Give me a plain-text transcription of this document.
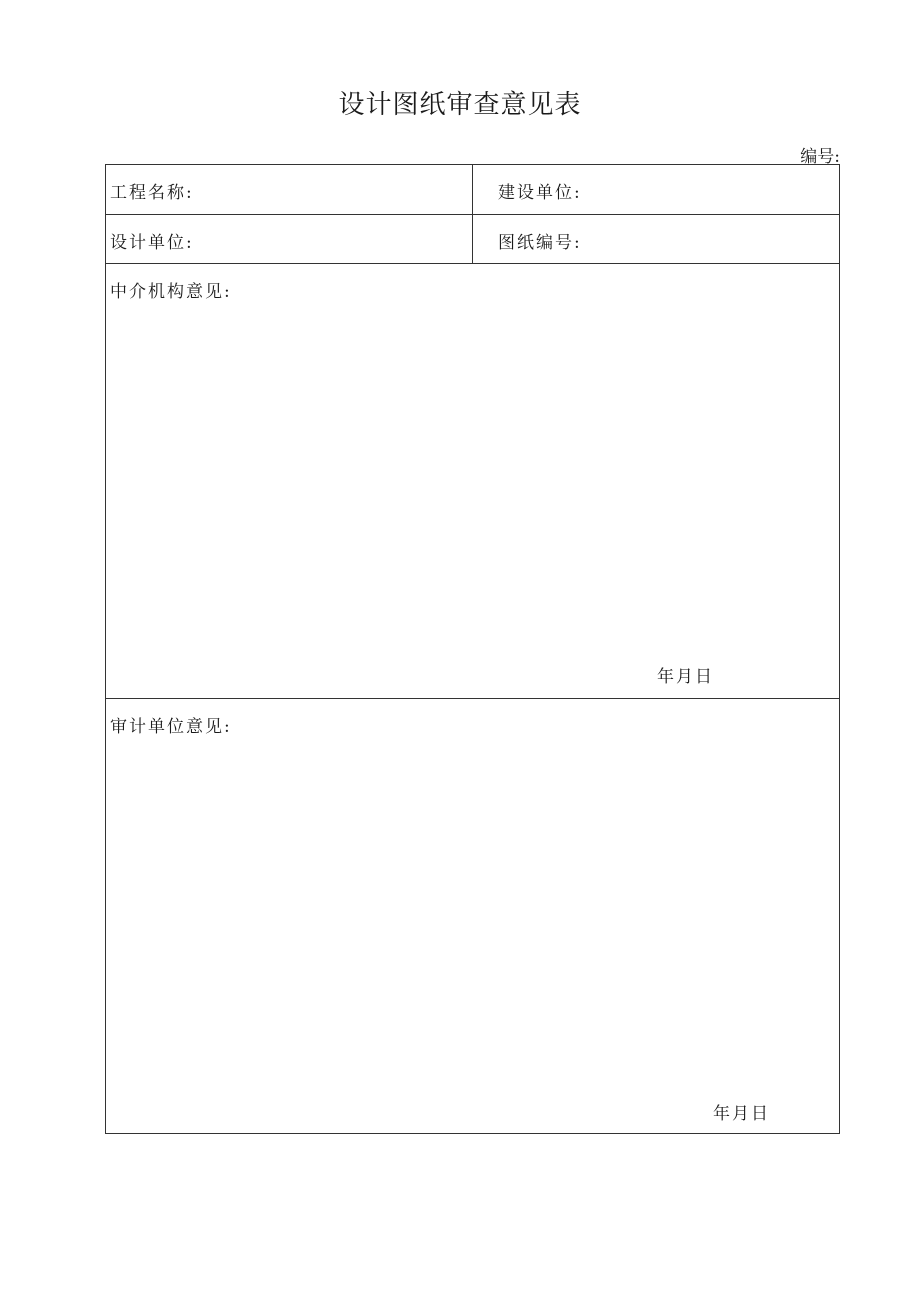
设计图纸审查意见表
编号:
工程名称:	建设单位:
设计单位:	图纸编号:
中介机构意见:
年月日
审计单位意见:
年月日
